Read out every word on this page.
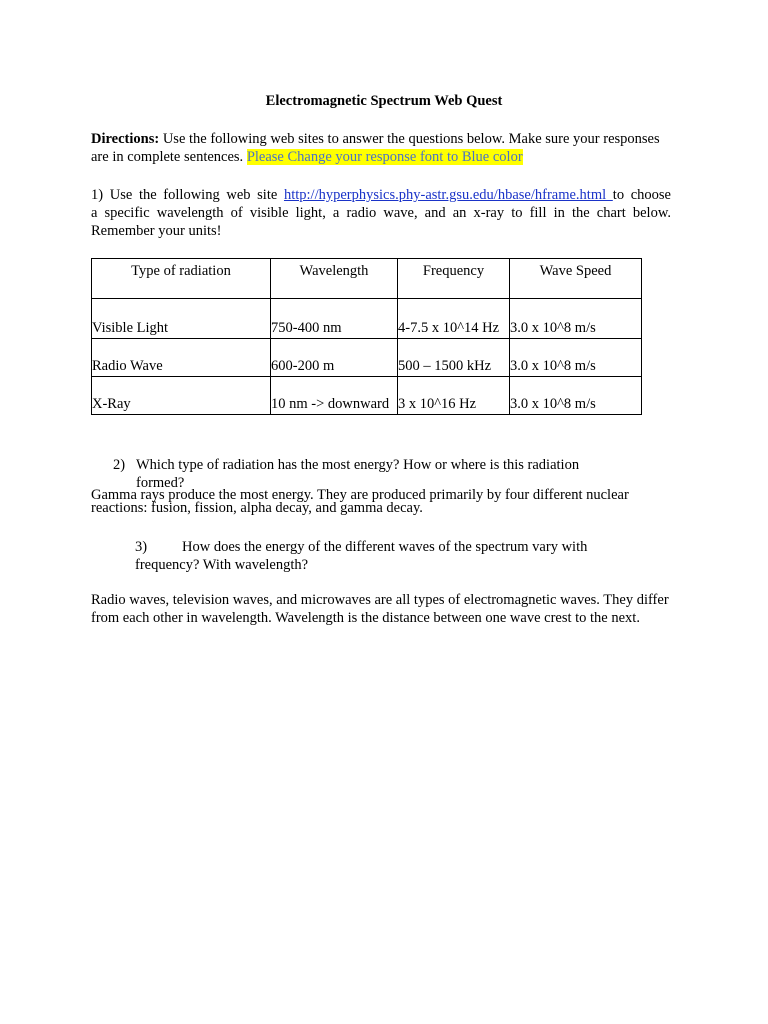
Electromagnetic Spectrum Web Quest
Directions: Use the following web sites to answer the questions below. Make sure your responses are in complete sentences. Please Change your response font to Blue color
1) Use the following web site http://hyperphysics.phy-astr.gsu.edu/hbase/hframe.html to choose
a specific wavelength of visible light, a radio wave, and an x-ray to fill in the chart below.
Remember your units!
Type of radiation	Wavelength	Frequency	Wave Speed
Visible Light	750-400 nm	4-7.5 x 10^14 Hz	3.0 x 10^8 m/s
Radio Wave	600-200 m	500 – 1500 kHz	3.0 x 10^8 m/s
X-Ray	10 nm -> downward	3 x 10^16 Hz	3.0 x 10^8 m/s
2) Which type of radiation has the most energy? How or where is this radiation formed?
Gamma rays produce the most energy. They are produced primarily by four different nuclear
reactions: fusion, fission, alpha decay, and gamma decay.
3) How does the energy of the different waves of the spectrum vary with
frequency? With wavelength?
Radio waves, television waves, and microwaves are all types of electromagnetic waves. They differ from each other in wavelength. Wavelength is the distance between one wave crest to the next.
